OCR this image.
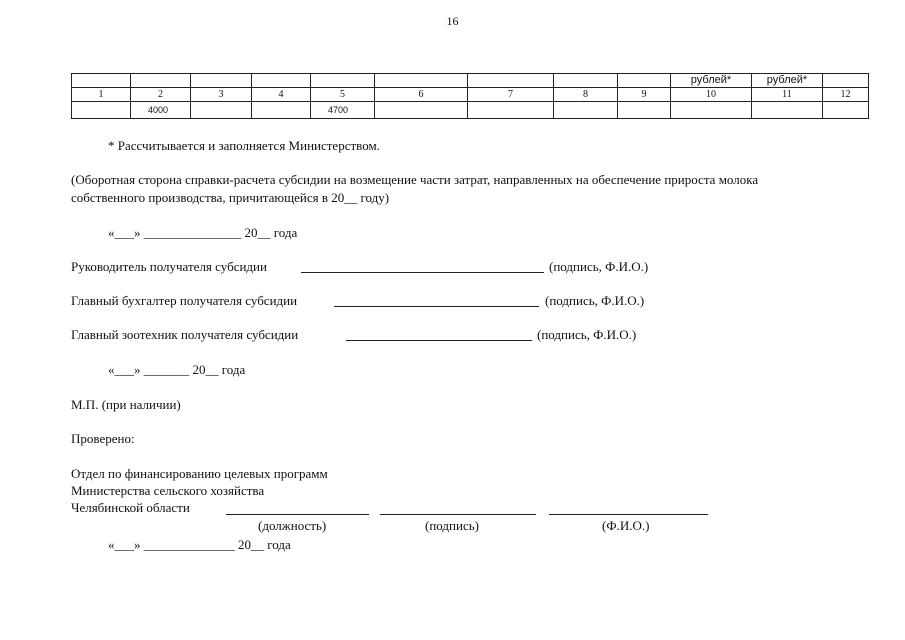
16
									рублей*	рублей*	
1	2	3	4	5	6	7	8	9	10	11	12
	4000			4700							
* Рассчитывается и заполняется Министерством.
(Оборотная сторона справки-расчета субсидии на возмещение части затрат, направленных на обеспечение прироста молока
собственного производства, причитающейся в 20__ году)
«___» _______________ 20__ года
Руководитель получателя субсидии	(подпись, Ф.И.О.)
Главный бухгалтер получателя субсидии	(подпись, Ф.И.О.)
Главный зоотехник получателя субсидии	(подпись, Ф.И.О.)
«___» _______ 20__ года
М.П. (при наличии)
Проверено:
Отдел по финансированию целевых программ
Министерства сельского хозяйства
Челябинской области
(должность)	(подпись)	(Ф.И.О.)
«___» ______________ 20__ года
